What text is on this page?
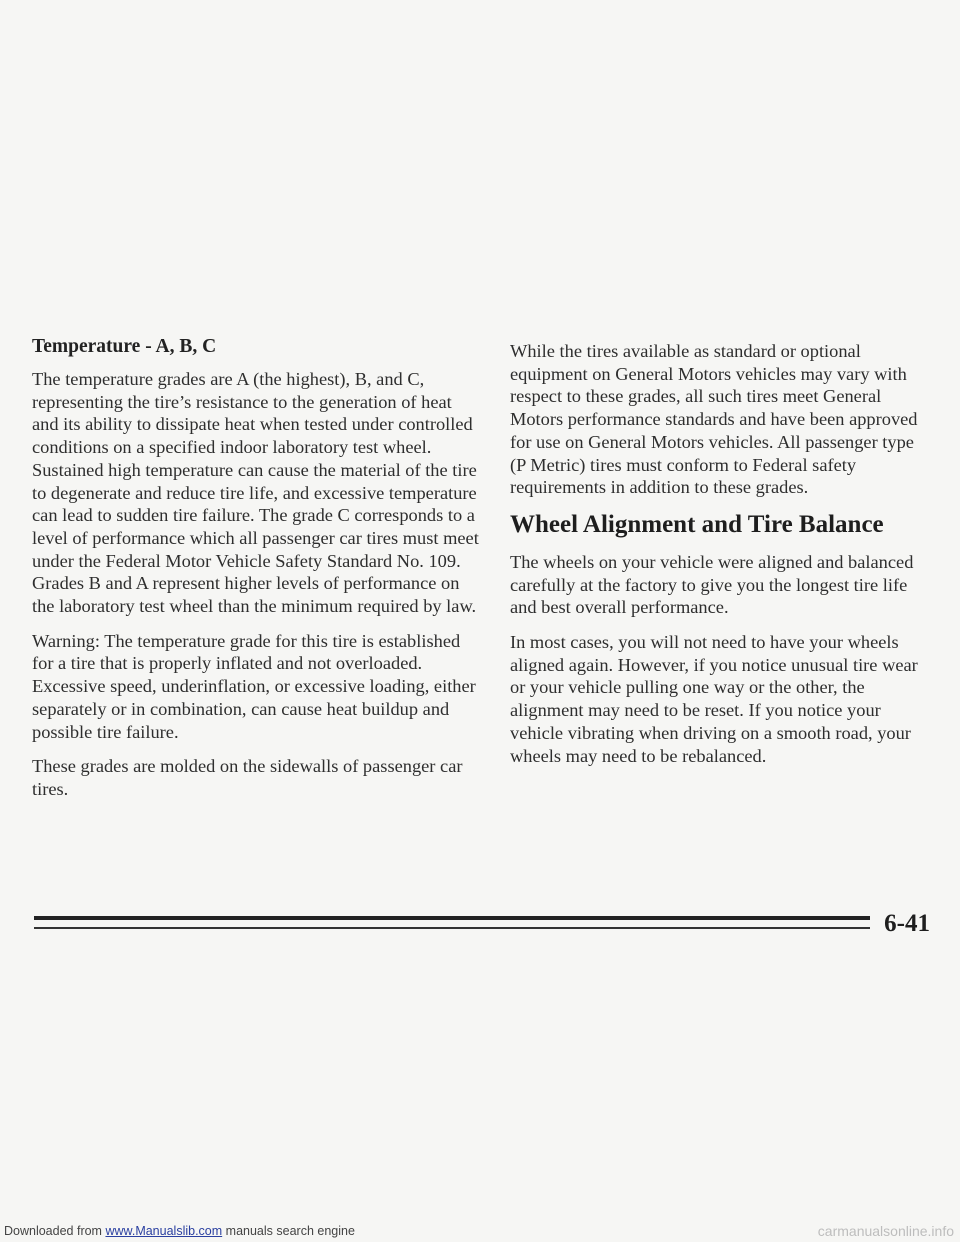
Temperature - A, B, C

The temperature grades are A (the highest), B, and C, representing the tire’s resistance to the generation of heat and its ability to dissipate heat when tested under controlled conditions on a specified indoor laboratory test wheel. Sustained high temperature can cause the material of the tire to degenerate and reduce tire life, and excessive temperature can lead to sudden tire failure. The grade C corresponds to a level of performance which all passenger car tires must meet under the Federal Motor Vehicle Safety Standard No. 109. Grades B and A represent higher levels of performance on the laboratory test wheel than the minimum required by law.

Warning: The temperature grade for this tire is established for a tire that is properly inflated and not overloaded. Excessive speed, underinflation, or excessive loading, either separately or in combination, can cause heat buildup and possible tire failure.

These grades are molded on the sidewalls of passenger car tires.

While the tires available as standard or optional equipment on General Motors vehicles may vary with respect to these grades, all such tires meet General Motors performance standards and have been approved for use on General Motors vehicles. All passenger type (P Metric) tires must conform to Federal safety requirements in addition to these grades.

Wheel Alignment and Tire Balance

The wheels on your vehicle were aligned and balanced carefully at the factory to give you the longest tire life and best overall performance.

In most cases, you will not need to have your wheels aligned again. However, if you notice unusual tire wear or your vehicle pulling one way or the other, the alignment may need to be reset. If you notice your vehicle vibrating when driving on a smooth road, your wheels may need to be rebalanced.

6-41
Downloaded from www.Manualslib.com manuals search engine	carmanualsonline.info
